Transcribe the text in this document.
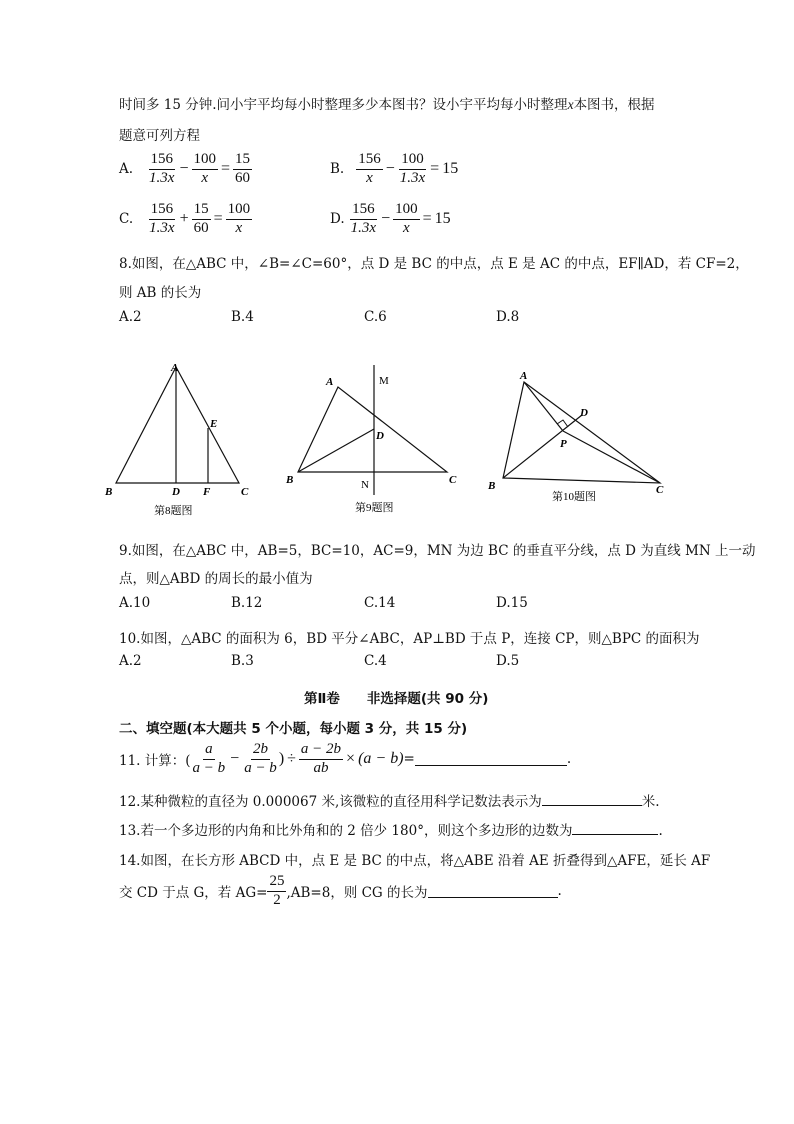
时间多 15 分钟.问小宇平均每小时整理多少本图书？设小宇平均每小时整理x本图书，根据
题意可列方程
A. $\frac{156}{1.3x} - \frac{100}{x} = \frac{15}{60}$	B. $\frac{156}{x} - \frac{100}{1.3x} = 15$
C. $\frac{156}{1.3x} + \frac{15}{60} = \frac{100}{x}$	D. $\frac{156}{1.3x} - \frac{100}{x} = 15$
8.如图，在△ABC 中，∠B=∠C=60°，点 D 是 BC 的中点，点 E 是 AC 的中点，EF∥AD，若 CF=2，
则 AB 的长为
A.2	B.4	C.6	D.8
A
B	C
D
E
F
第8题图
A
B	C
D
M
N
第9题图
A
B	C
D
P
第10题图
9.如图，在△ABC 中，AB=5，BC=10，AC=9，MN 为边 BC 的垂直平分线，点 D 为直线 MN 上一动
点，则△ABD 的周长的最小值为
A.10	B.12	C.14	D.15
10.如图，△ABC 的面积为 6，BD 平分∠ABC，AP⊥BD 于点 P，连接 CP，则△BPC 的面积为
A.2	B.3	C.4	D.5
第Ⅱ卷　　非选择题(共 90 分)
二、填空题(本大题共 5 个小题，每小题 3 分，共 15 分)
11. 计算：( $\frac{a}{a - b} - \frac{2b}{a - b}$ ) ÷ $\frac{a - 2b}{ab} \times (a - b)$ =	.
12.某种微粒的直径为 0.000067 米,该微粒的直径用科学记数法表示为	米.
13.若一个多边形的内角和比外角和的 2 倍少 180°，则这个多边形的边数为	.
14.如图，在长方形 ABCD 中，点 E 是 BC 的中点，将△ABE 沿着 AE 折叠得到△AFE，延长 AF
交 CD 于点 G，若 $AG= \frac{25}{2} ,AB=8$，则 CG 的长为	.
